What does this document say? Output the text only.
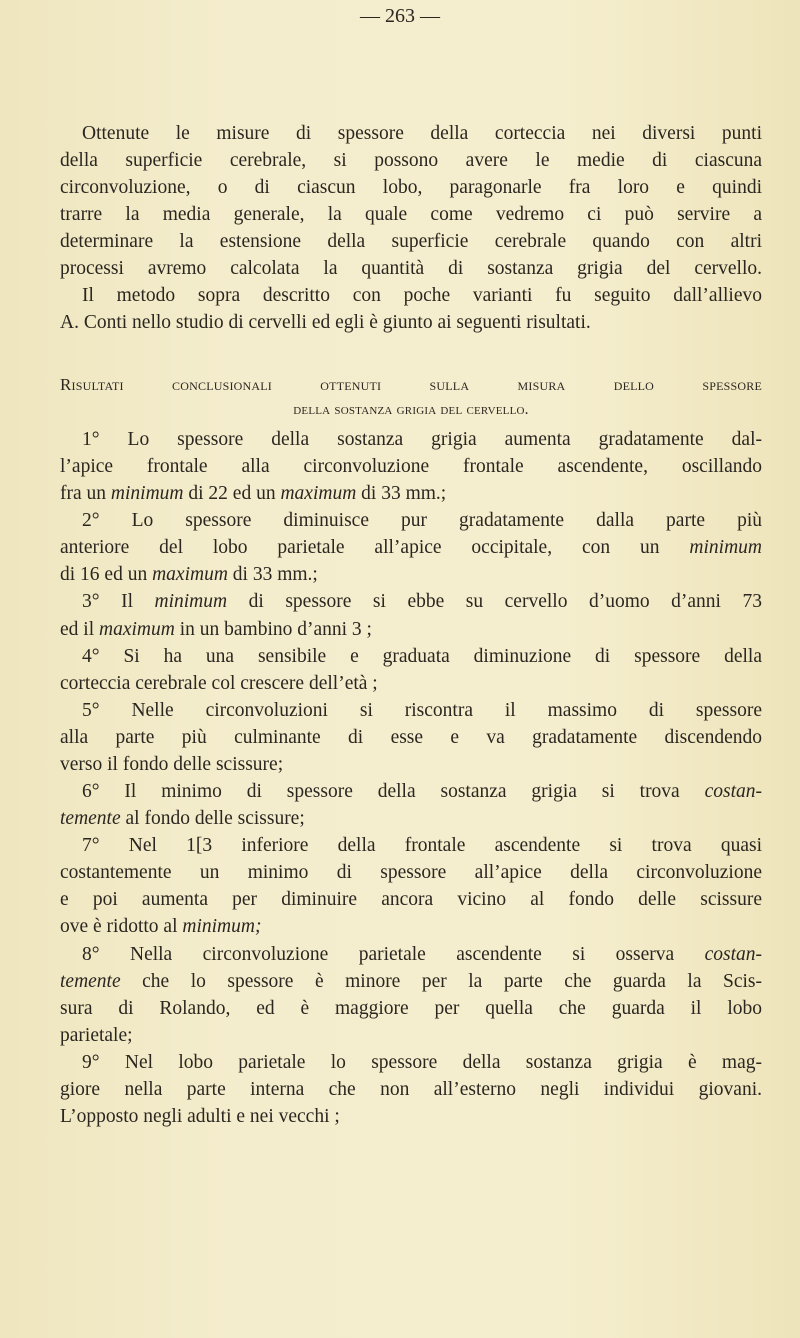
— 263 —
Ottenute le misure di spessore della corteccia nei diversi punti
della superficie cerebrale, si possono avere le medie di ciascuna
circonvoluzione, o di ciascun lobo, paragonarle fra loro e quindi
trarre la media generale, la quale come vedremo ci può servire a
determinare la estensione della superficie cerebrale quando con altri
processi avremo calcolata la quantità di sostanza grigia del cervello.
Il metodo sopra descritto con poche varianti fu seguito dall’allievo
A. Conti nello studio di cervelli ed egli è giunto ai seguenti risultati.
Risultati conclusionali ottenuti sulla misura dello spessore
della sostanza grigia del cervello.
1° Lo spessore della sostanza grigia aumenta gradatamente dal-
l’apice frontale alla circonvoluzione frontale ascendente, oscillando
fra un minimum di 22 ed un maximum di 33 mm.;
2° Lo spessore diminuisce pur gradatamente dalla parte più
anteriore del lobo parietale all’apice occipitale, con un minimum
di 16 ed un maximum di 33 mm.;
3° Il minimum di spessore si ebbe su cervello d’uomo d’anni 73
ed il maximum in un bambino d’anni 3 ;
4° Si ha una sensibile e graduata diminuzione di spessore della
corteccia cerebrale col crescere dell’età ;
5° Nelle circonvoluzioni si riscontra il massimo di spessore
alla parte più culminante di esse e va gradatamente discendendo
verso il fondo delle scissure;
6° Il minimo di spessore della sostanza grigia si trova costan-
temente al fondo delle scissure;
7° Nel 1[3 inferiore della frontale ascendente si trova quasi
costantemente un minimo di spessore all’apice della circonvoluzione
e poi aumenta per diminuire ancora vicino al fondo delle scissure
ove è ridotto al minimum;
8° Nella circonvoluzione parietale ascendente si osserva costan-
temente che lo spessore è minore per la parte che guarda la Scis-
sura di Rolando, ed è maggiore per quella che guarda il lobo
parietale;
9° Nel lobo parietale lo spessore della sostanza grigia è mag-
giore nella parte interna che non all’esterno negli individui giovani.
L’opposto negli adulti e nei vecchi ;
